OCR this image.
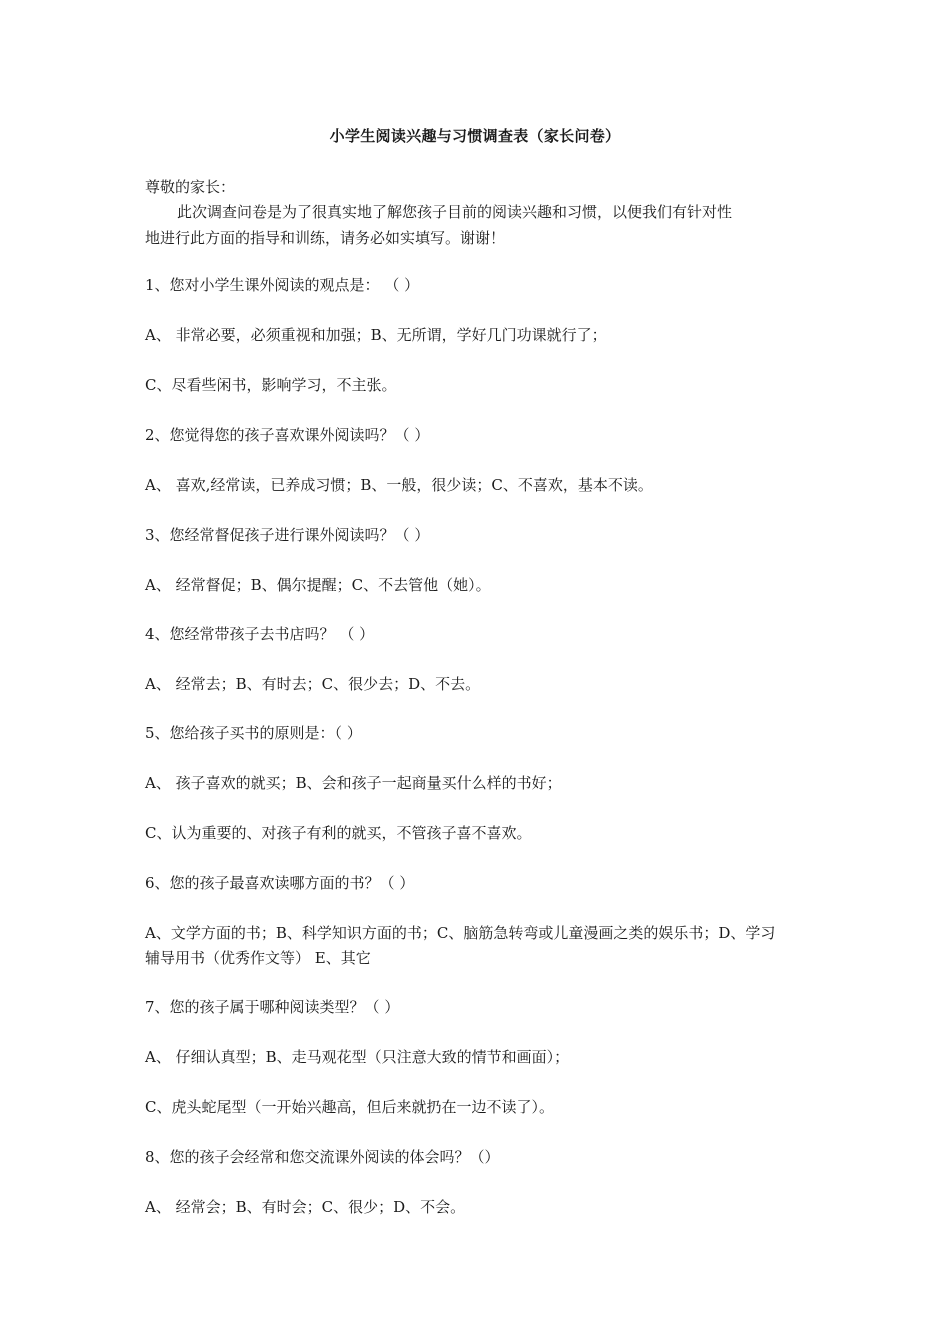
小学生阅读兴趣与习惯调查表（家长问卷）
尊敬的家长：
此次调查问卷是为了很真实地了解您孩子目前的阅读兴趣和习惯，以便我们有针对性
地进行此方面的指导和训练，请务必如实填写。谢谢！
1、您对小学生课外阅读的观点是： （ ）
A、 非常必要，必须重视和加强；B、无所谓，学好几门功课就行了；
C、尽看些闲书，影响学习，不主张。
2、您觉得您的孩子喜欢课外阅读吗？（ ）
A、 喜欢,经常读，已养成习惯；B、一般，很少读；C、不喜欢，基本不读。
3、您经常督促孩子进行课外阅读吗？（ ）
A、 经常督促；B、偶尔提醒；C、不去管他（她）。
4、您经常带孩子去书店吗？ （ ）
A、 经常去；B、有时去；C、很少去；D、不去。
5、您给孩子买书的原则是：（ ）
A、 孩子喜欢的就买；B、会和孩子一起商量买什么样的书好；
C、认为重要的、对孩子有利的就买，不管孩子喜不喜欢。
6、您的孩子最喜欢读哪方面的书？（ ）
A、文学方面的书；B、科学知识方面的书；C、脑筋急转弯或儿童漫画之类的娱乐书；D、学习
辅导用书（优秀作文等） E、其它
7、您的孩子属于哪种阅读类型？（ ）
A、 仔细认真型；B、走马观花型（只注意大致的情节和画面）；
C、虎头蛇尾型（一开始兴趣高，但后来就扔在一边不读了）。
8、您的孩子会经常和您交流课外阅读的体会吗？（）
A、 经常会；B、有时会；C、很少；D、不会。
